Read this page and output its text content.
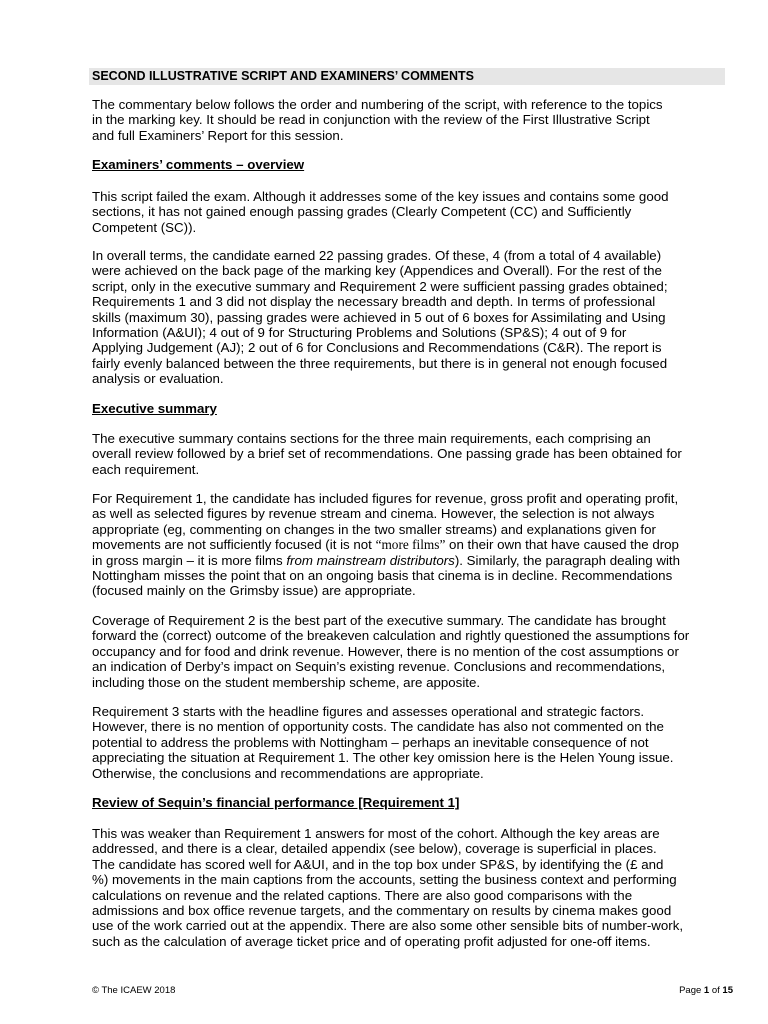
SECOND ILLUSTRATIVE SCRIPT AND EXAMINERS’ COMMENTS
The commentary below follows the order and numbering of the script, with reference to the topics
in the marking key. It should be read in conjunction with the review of the First Illustrative Script
and full Examiners’ Report for this session.
Examiners’ comments – overview
This script failed the exam. Although it addresses some of the key issues and contains some good
sections, it has not gained enough passing grades (Clearly Competent (CC) and Sufficiently
Competent (SC)).
In overall terms, the candidate earned 22 passing grades. Of these, 4 (from a total of 4 available)
were achieved on the back page of the marking key (Appendices and Overall). For the rest of the
script, only in the executive summary and Requirement 2 were sufficient passing grades obtained;
Requirements 1 and 3 did not display the necessary breadth and depth. In terms of professional
skills (maximum 30), passing grades were achieved in 5 out of 6 boxes for Assimilating and Using
Information (A&UI); 4 out of 9 for Structuring Problems and Solutions (SP&S); 4 out of 9 for
Applying Judgement (AJ); 2 out of 6 for Conclusions and Recommendations (C&R). The report is
fairly evenly balanced between the three requirements, but there is in general not enough focused
analysis or evaluation.
Executive summary
The executive summary contains sections for the three main requirements, each comprising an
overall review followed by a brief set of recommendations. One passing grade has been obtained for
each requirement.
For Requirement 1, the candidate has included figures for revenue, gross profit and operating profit,
as well as selected figures by revenue stream and cinema. However, the selection is not always
appropriate (eg, commenting on changes in the two smaller streams) and explanations given for
movements are not sufficiently focused (it is not “more films” on their own that have caused the drop
in gross margin – it is more films from mainstream distributors). Similarly, the paragraph dealing with
Nottingham misses the point that on an ongoing basis that cinema is in decline. Recommendations
(focused mainly on the Grimsby issue) are appropriate.
Coverage of Requirement 2 is the best part of the executive summary. The candidate has brought
forward the (correct) outcome of the breakeven calculation and rightly questioned the assumptions for
occupancy and for food and drink revenue. However, there is no mention of the cost assumptions or
an indication of Derby’s impact on Sequin’s existing revenue. Conclusions and recommendations,
including those on the student membership scheme, are apposite.
Requirement 3 starts with the headline figures and assesses operational and strategic factors.
However, there is no mention of opportunity costs. The candidate has also not commented on the
potential to address the problems with Nottingham – perhaps an inevitable consequence of not
appreciating the situation at Requirement 1. The other key omission here is the Helen Young issue.
Otherwise, the conclusions and recommendations are appropriate.
Review of Sequin’s financial performance [Requirement 1]
This was weaker than Requirement 1 answers for most of the cohort. Although the key areas are
addressed, and there is a clear, detailed appendix (see below), coverage is superficial in places.
The candidate has scored well for A&UI, and in the top box under SP&S, by identifying the (£ and
%) movements in the main captions from the accounts, setting the business context and performing
calculations on revenue and the related captions. There are also good comparisons with the
admissions and box office revenue targets, and the commentary on results by cinema makes good
use of the work carried out at the appendix. There are also some other sensible bits of number-work,
such as the calculation of average ticket price and of operating profit adjusted for one-off items.
© The ICAEW 2018	Page 1 of 15
